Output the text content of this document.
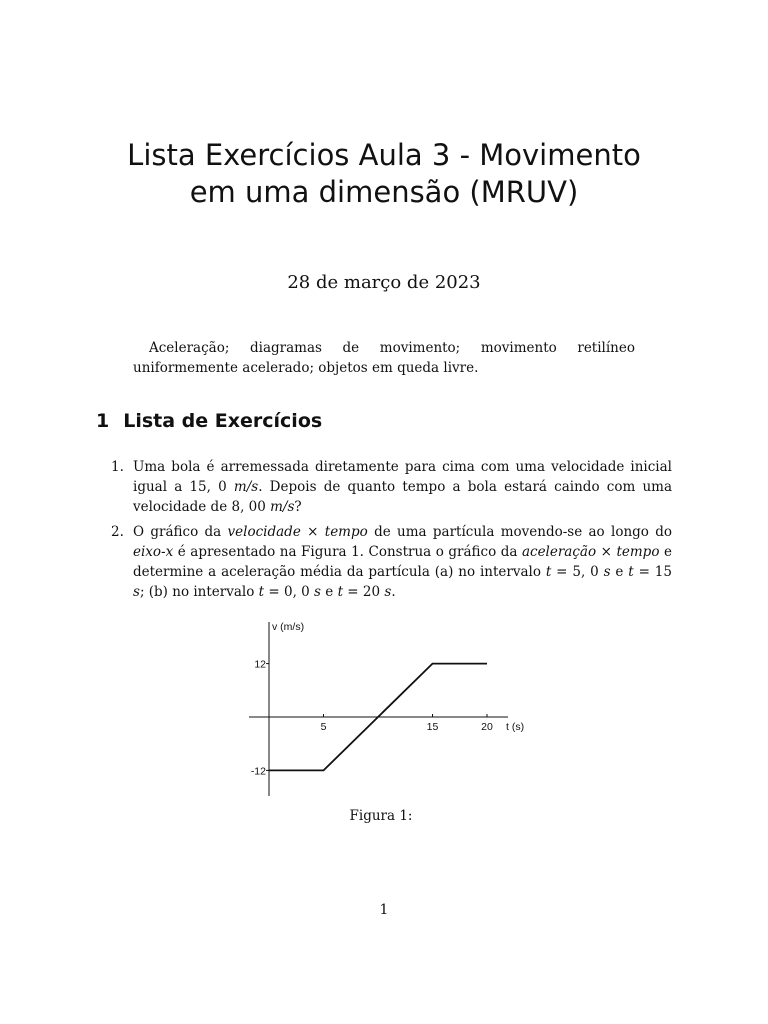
Lista Exercícios Aula 3 - Movimento
em uma dimensão (MRUV)
28 de março de 2023

Aceleração; diagramas de movimento; movimento retilíneo uniformemente acelerado; objetos em queda livre.

1 Lista de Exercícios

1. Uma bola é arremessada diretamente para cima com uma velocidade inicial igual a 15, 0 m/s. Depois de quanto tempo a bola estará caindo com uma velocidade de 8, 00 m/s?

2. O gráfico da velocidade × tempo de uma partícula movendo-se ao longo do eixo-x é apresentado na Figura 1. Construa o gráfico da aceleração × tempo e determine a aceleração média da partícula (a) no intervalo t = 5, 0 s e t = 15 s; (b) no intervalo t = 0, 0 s e t = 20 s.

v (m/s)
t (s)
5	15	20
12
-12
Figura 1:
1
